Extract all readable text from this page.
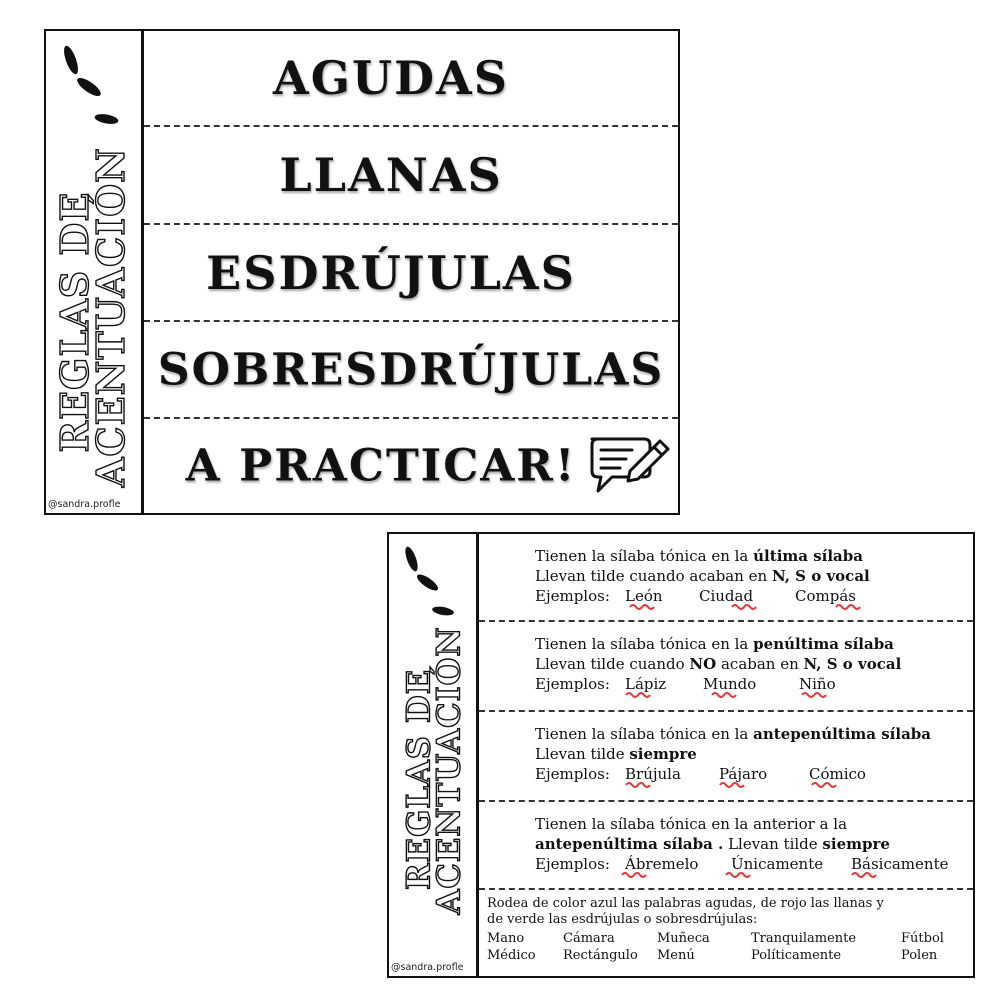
REGLAS DE
ACENTUACIÓN
@sandra.profle
AGUDAS
LLANAS
ESDRÚJULAS
SOBRESDRÚJULAS
A PRACTICAR!
REGLAS DE
ACENTUACIÓN
@sandra.profle
Tienen la sílaba tónica en la última sílaba
Llevan tilde cuando acaban en N, S o vocal
Ejemplos:	León	Ciudad	Compás
Tienen la sílaba tónica en la penúltima sílaba
Llevan tilde cuando NO acaban en N, S o vocal
Ejemplos:	Lápiz	Mundo	Niño
Tienen la sílaba tónica en la antepenúltima sílaba
Llevan tilde siempre
Ejemplos:	Brújula	Pájaro	Cómico
Tienen la sílaba tónica en la anterior a la
antepenúltima sílaba . Llevan tilde siempre
Ejemplos:	Ábremelo	Únicamente	Básicamente
Rodea de color azul las palabras agudas, de rojo las llanas y
de verde las esdrújulas o sobresdrújulas:
Mano	Cámara	Muñeca	Tranquilamente	Fútbol
Médico	Rectángulo	Menú	Políticamente	Polen
